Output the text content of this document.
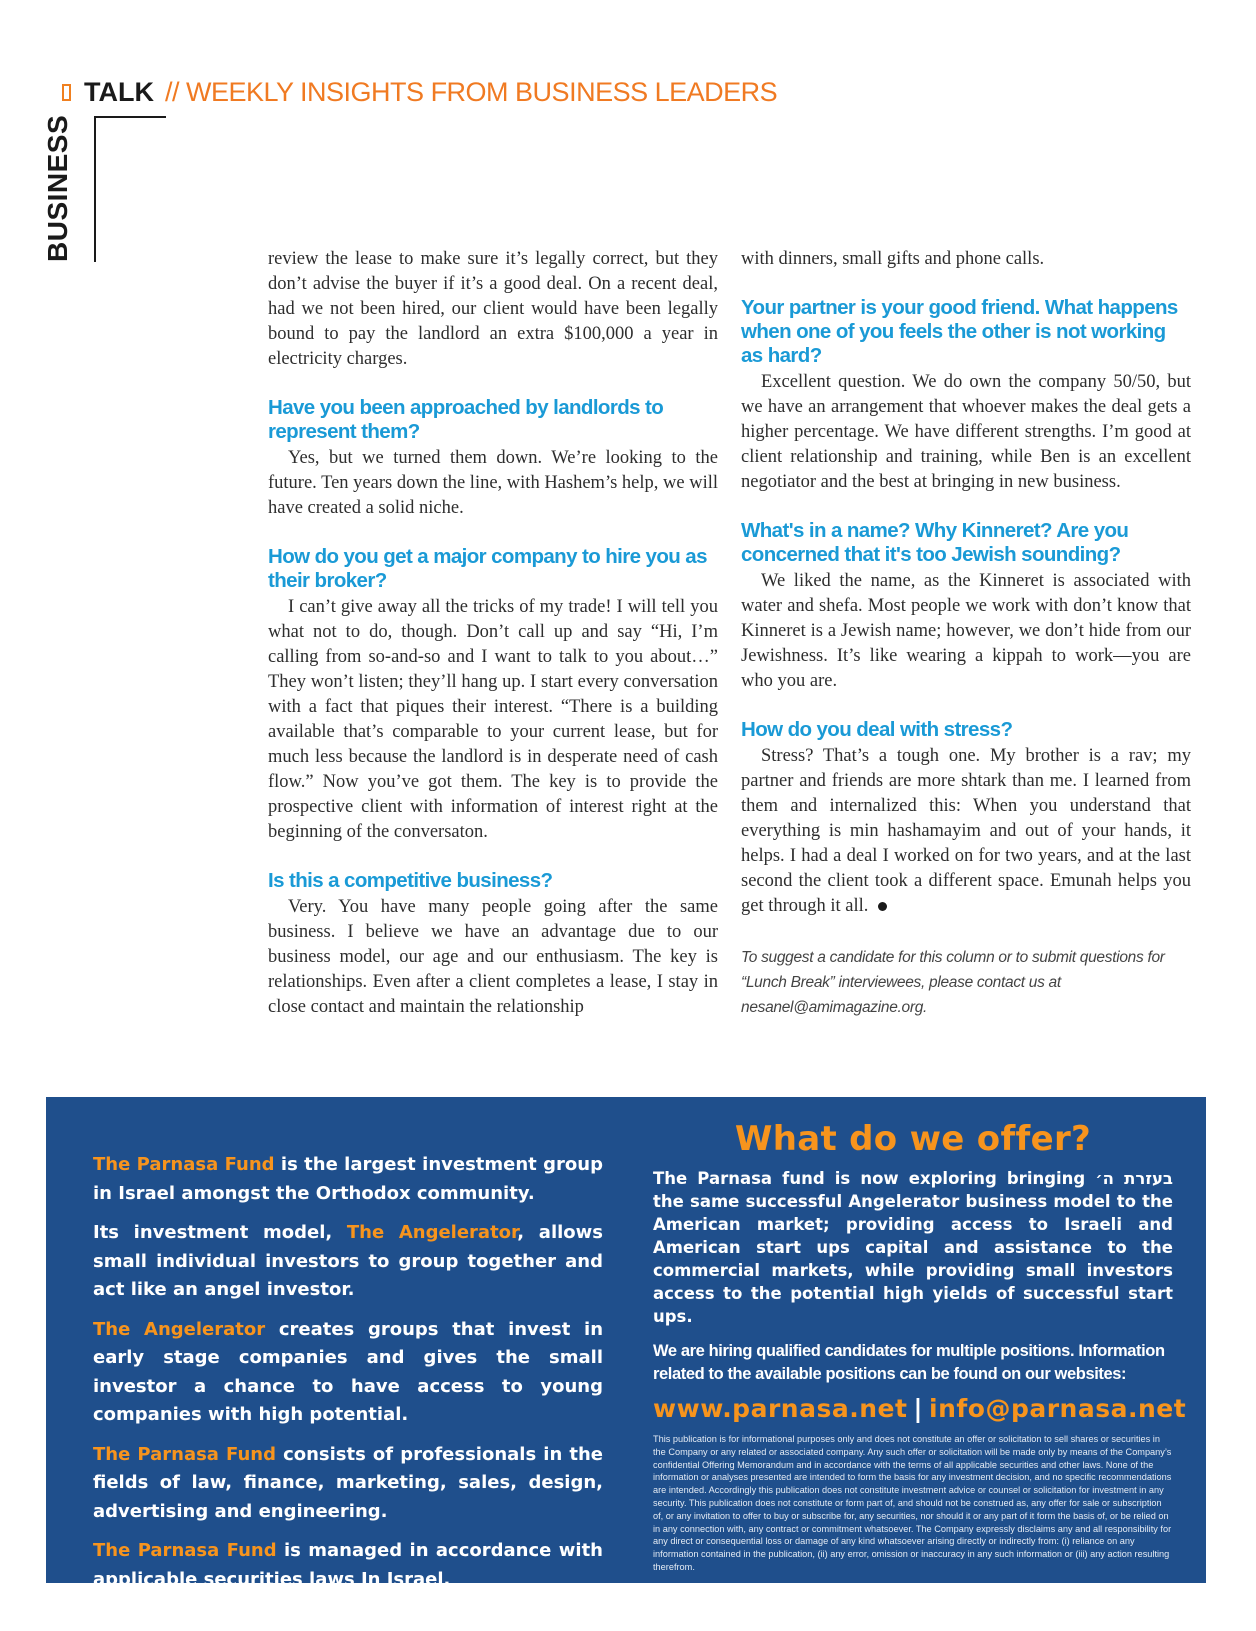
TALK // WEEKLY INSIGHTS FROM BUSINESS LEADERS
BUSINESS	review the lease to make sure it’s legally correct, but they don’t advise the buyer if it’s a good deal. On a recent deal, had we not been hired, our client would have been legally bound to pay the landlord an extra $100,000 a year in electricity charges.

Have you been approached by landlords to represent them?

Yes, but we turned them down. We’re looking to the future. Ten years down the line, with Hashem’s help, we will have created a solid niche.

How do you get a major company to hire you as their broker?

I can’t give away all the tricks of my trade! I will tell you what not to do, though. Don’t call up and say “Hi, I’m calling from so-and-so and I want to talk to you about…” They won’t listen; they’ll hang up. I start every conversation with a fact that piques their interest. “There is a building available that’s comparable to your current lease, but for much less because the landlord is in desperate need of cash flow.” Now you’ve got them. The key is to provide the prospective client with information of interest right at the beginning of the conversaton.

Is this a competitive business?

Very. You have many people going after the same business. I believe we have an advantage due to our business model, our age and our enthusiasm. The key is relationships. Even after a client completes a lease, I stay in close contact and maintain the relationship

with dinners, small gifts and phone calls.

Your partner is your good friend. What happens when one of you feels the other is not working as hard?

Excellent question. We do own the company 50/50, but we have an arrangement that whoever makes the deal gets a higher percentage. We have different strengths. I’m good at client relationship and training, while Ben is an excellent negotiator and the best at bringing in new business.

What's in a name? Why Kinneret? Are you concerned that it's too Jewish sounding?

We liked the name, as the Kinneret is associated with water and shefa. Most people we work with don’t know that Kinneret is a Jewish name; however, we don’t hide from our Jewishness. It’s like wearing a kippah to work—you are who you are.

How do you deal with stress?

Stress? That’s a tough one. My brother is a rav; my partner and friends are more shtark than me. I learned from them and internalized this: When you understand that everything is min hashamayim and out of your hands, it helps. I had a deal I worked on for two years, and at the last second the client took a different space. Emunah helps you get through it all.

To suggest a candidate for this column or to submit questions for “Lunch Break” interviewees, please contact us at nesanel@amimagazine.org.

The Parnasa Fund is the largest investment group in Israel amongst the Orthodox community.

Its investment model, The Angelerator, allows small individual investors to group together and act like an angel investor.

The Angelerator creates groups that invest in early stage companies and gives the small investor a chance to have access to young companies with high potential.

The Parnasa Fund consists of professionals in the fields of law, finance, marketing, sales, design, advertising and engineering.

The Parnasa Fund is managed in accordance with applicable securities laws In Israel.

What do we offer?

The Parnasa fund is now exploring bringing בעזרת ה׳ the same successful Angelerator business model to the American market; providing access to Israeli and American start ups capital and assistance to the commercial markets, while providing small investors access to the potential high yields of successful start ups.

We are hiring qualified candidates for multiple positions. Information related to the available positions can be found on our websites:

www.parnasa.net | info@parnasa.net

This publication is for informational purposes only and does not constitute an offer or solicitation to sell shares or securities in the Company or any related or associated company. Any such offer or solicitation will be made only by means of the Company’s confidential Offering Memorandum and in accordance with the terms of all applicable securities and other laws. None of the information or analyses presented are intended to form the basis for any investment decision, and no specific recommendations are intended. Accordingly this publication does not constitute investment advice or counsel or solicitation for investment in any security. This publication does not constitute or form part of, and should not be construed as, any offer for sale or subscription of, or any invitation to offer to buy or subscribe for, any securities, nor should it or any part of it form the basis of, or be relied on in any connection with, any contract or commitment whatsoever. The Company expressly disclaims any and all responsibility for any direct or consequential loss or damage of any kind whatsoever arising directly or indirectly from: (i) reliance on any information contained in the publication, (ii) any error, omission or inaccuracy in any such information or (iii) any action resulting therefrom.
